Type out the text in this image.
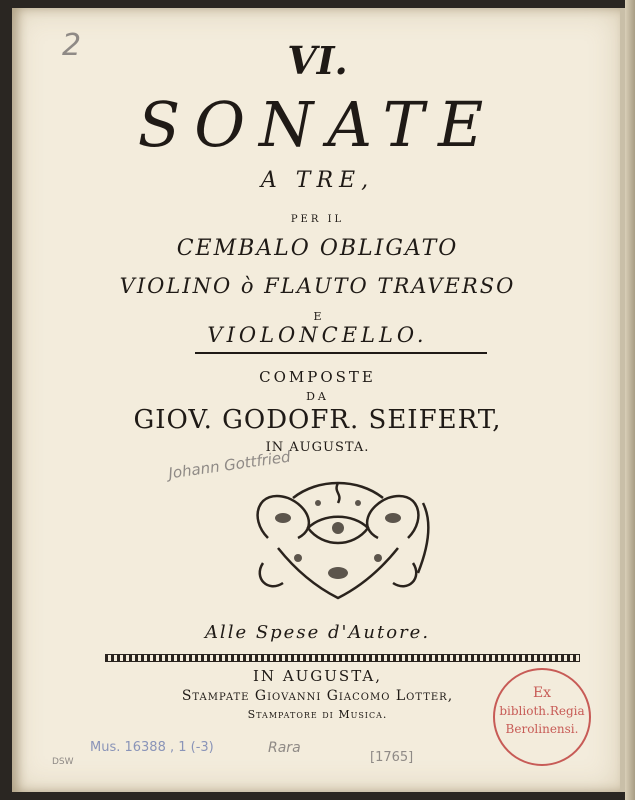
2	VI.
SONATE
A TRE,
PER IL
CEMBALO OBLIGATO
VIOLINO ò FLAUTO TRAVERSO
E
VIOLONCELLO.
COMPOSTE
DA
GIOV. GODOFR. SEIFERT,
IN AUGUSTA.
Johann Gottfried
Alle Spese d'Autore.
IN AUGUSTA,
Stampate Giovanni Giacomo Lotter,
Stampatore di Musica.
Ex
biblioth.Regia
Berolinensi.
DSW
Mus. 16388 , 1 (-3)	Rara
[1765]
